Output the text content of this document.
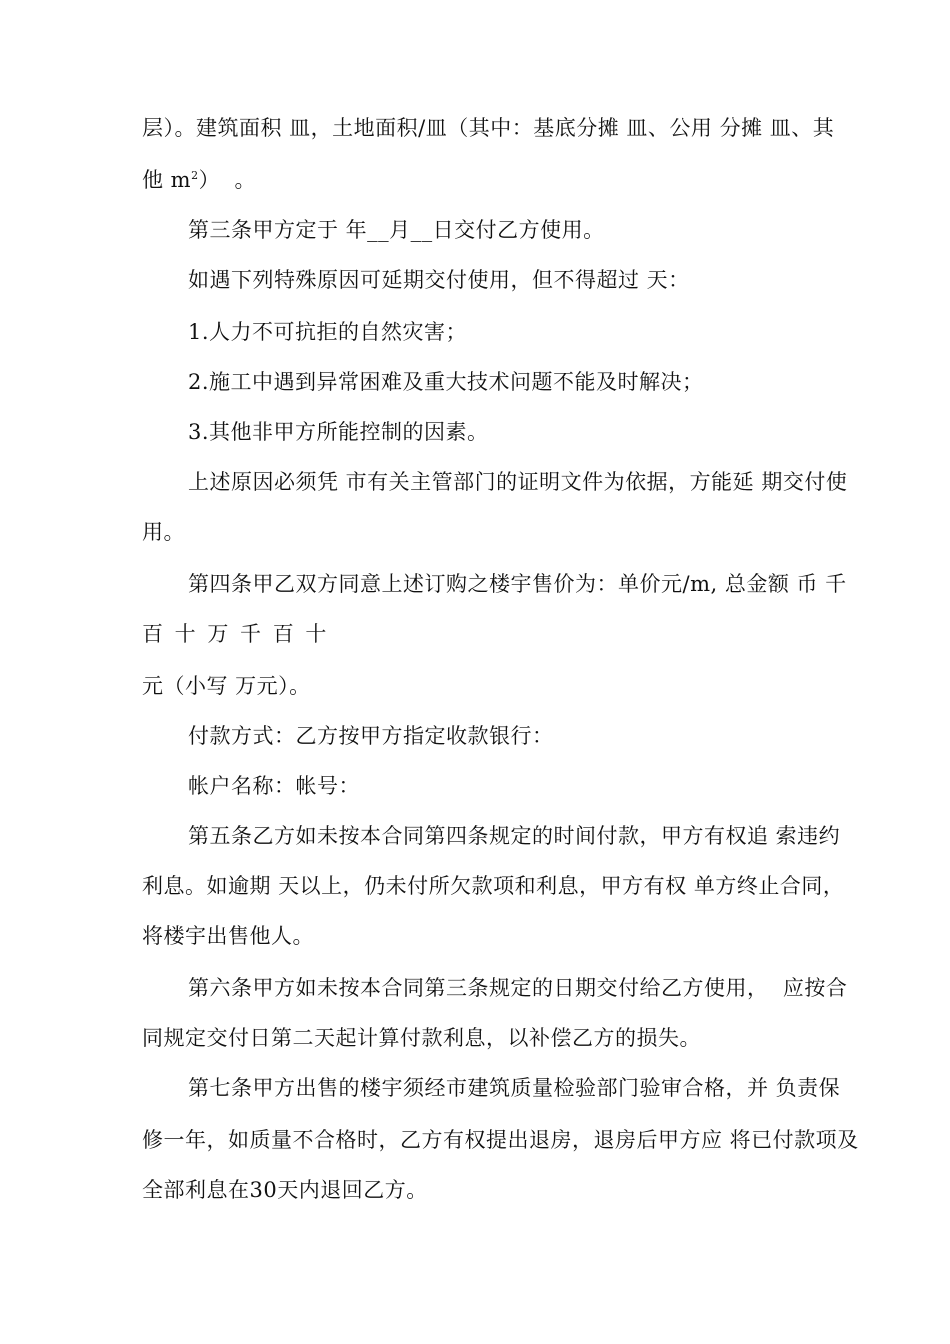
层）。建筑面积 皿，土地面积/皿（其中：基底分摊 皿、公用 分摊 皿、其
他 $m^2$）  。
第三条甲方定于 年__月__日交付乙方使用。
如遇下列特殊原因可延期交付使用，但不得超过 天：
1.人力不可抗拒的自然灾害；
2.施工中遇到异常困难及重大技术问题不能及时解决；
3.其他非甲方所能控制的因素。
上述原因必须凭 市有关主管部门的证明文件为依据，方能延 期交付使
用。
第四条甲乙双方同意上述订购之楼宇售价为：单价元/m, 总金额 币 千
百 十 万 千 百 十
元（小写 万元）。
付款方式：乙方按甲方指定收款银行：
帐户名称：帐号：
第五条乙方如未按本合同第四条规定的时间付款，甲方有权追 索违约
利息。如逾期 天以上，仍未付所欠款项和利息，甲方有权 单方终止合同，
将楼宇出售他人。
第六条甲方如未按本合同第三条规定的日期交付给乙方使用，  应按合
同规定交付日第二天起计算付款利息，以补偿乙方的损失。
第七条甲方出售的楼宇须经市建筑质量检验部门验审合格，并 负责保
修一年，如质量不合格时，乙方有权提出退房，退房后甲方应 将已付款项及
全部利息在30天内退回乙方。
